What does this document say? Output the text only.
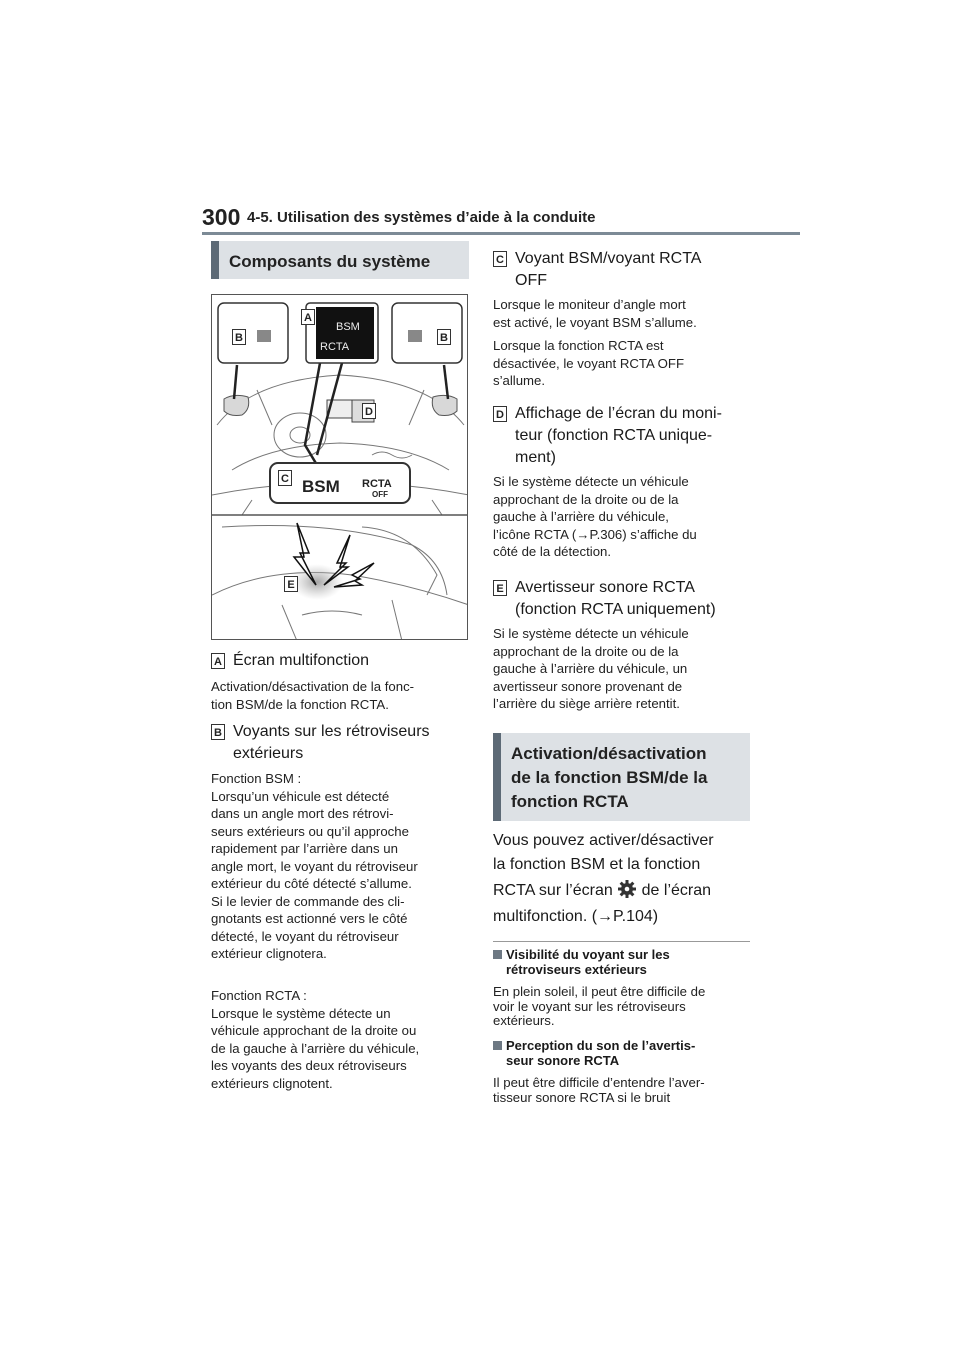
300 4-5. Utilisation des systèmes d’aide à la conduite
Composants du système
BSM
RCTA
BSM RCTA
OFF
B
A
B
C
D
E
A Écran multifonction
Activation/désactivation de la fonc-
tion BSM/de la fonction RCTA.
B Voyants sur les rétroviseurs
extérieurs
Fonction BSM :
Lorsqu’un véhicule est détecté
dans un angle mort des rétrovi-
seurs extérieurs ou qu’il approche
rapidement par l’arrière dans un
angle mort, le voyant du rétroviseur
extérieur du côté détecté s’allume.
Si le levier de commande des cli-
gnotants est actionné vers le côté
détecté, le voyant du rétroviseur
extérieur clignotera.
Fonction RCTA :
Lorsque le système détecte un
véhicule approchant de la droite ou
de la gauche à l’arrière du véhicule,
les voyants des deux rétroviseurs
extérieurs clignotent.
C Voyant BSM/voyant RCTA
OFF
Lorsque le moniteur d’angle mort
est activé, le voyant BSM s’allume.
Lorsque la fonction RCTA est
désactivée, le voyant RCTA OFF
s’allume.
D Affichage de l’écran du moni-
teur (fonction RCTA unique-
ment)
Si le système détecte un véhicule
approchant de la droite ou de la
gauche à l’arrière du véhicule,
l’icône RCTA (→P.306) s’affiche du
côté de la détection.
E Avertisseur sonore RCTA
(fonction RCTA uniquement)
Si le système détecte un véhicule
approchant de la droite ou de la
gauche à l’arrière du véhicule, un
avertisseur sonore provenant de
l’arrière du siège arrière retentit.
Activation/désactivation
de la fonction BSM/de la
fonction RCTA
Vous pouvez activer/désactiver
la fonction BSM et la fonction
RCTA sur l’écran de l’écran
multifonction. (→P.104)
Visibilité du voyant sur les
rétroviseurs extérieurs
En plein soleil, il peut être difficile de
voir le voyant sur les rétroviseurs
extérieurs.
Perception du son de l’avertis-
seur sonore RCTA
Il peut être difficile d’entendre l’aver-
tisseur sonore RCTA si le bruit
